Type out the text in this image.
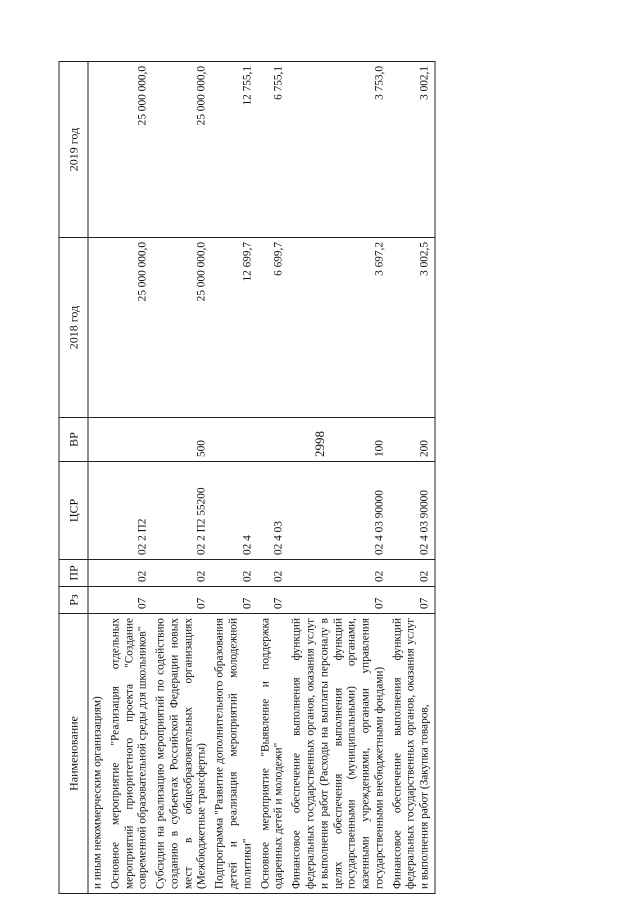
2998
Наименование	Рз	ПР	ЦСР	ВР	2018 год	2019 год
и иным некоммерческим организациям)						
Основное мероприятие "Реализация отдельных мероприятий приоритетного проекта "Создание современной образовательной среды для школьников"	07	02	02 2 П2		25 000 000,0	25 000 000,0
Субсидии на реализацию мероприятий по содействию созданию в субъектах Российской Федерации новых мест в общеобразовательных организациях (Межбюджетные трансферты)	07	02	02 2 П2 55200	500	25 000 000,0	25 000 000,0
Подпрограмма "Развитие дополнительного образования детей и реализация мероприятий молодежной политики"	07	02	02 4		12 699,7	12 755,1
Основное мероприятие "Выявление и поддержка одаренных детей и молодежи"	07	02	02 4 03		6 699,7	6 755,1
Финансовое обеспечение выполнения функций федеральных государственных органов, оказания услуг и выполнения работ (Расходы на выплаты персоналу в целях обеспечения выполнения функций государственными (муниципальными) органами, казенными учреждениями, органами управления государственными внебюджетными фондами)	07	02	02 4 03 90000	100	3 697,2	3 753,0
Финансовое обеспечение выполнения функций федеральных государственных органов, оказания услуг и выполнения работ (Закупка товаров,	07	02	02 4 03 90000	200	3 002,5	3 002,1
